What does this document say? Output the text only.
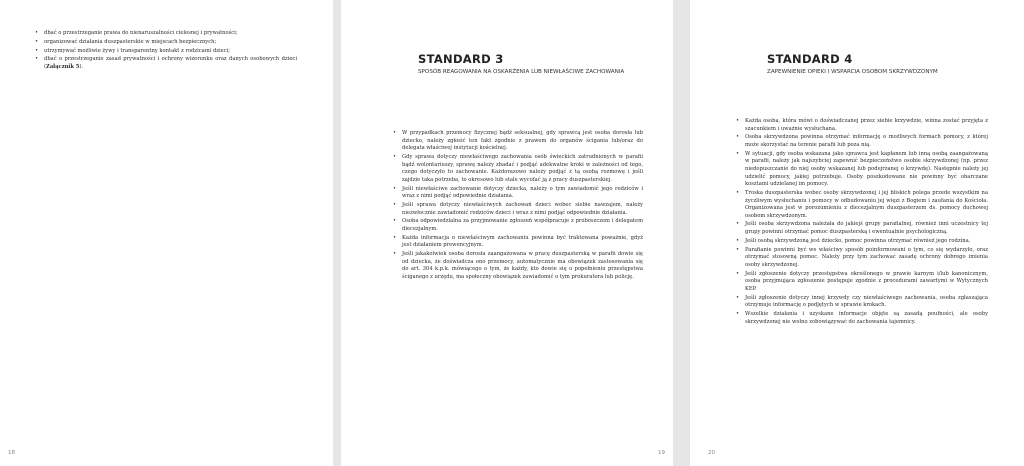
• dbać o przestrzeganie prawa do nienaruszalności cielesnej i prywatności;
• organizować działania duszpasterskie w miejscach bezpiecznych;
• utrzymywać możliwie żywy i transparentny kontakt z rodzicami dzieci;
• dbać o przestrzeganie zasad prywatności i ochrony wizerunku oraz danych osobowych dzieci (Załącznik 5).
18
STANDARD 3

SPOSÓB REAGOWANIA NA OSKARŻENIA LUB NIEWŁAŚCIWE ZACHOWANIA

19
• W przypadkach przemocy fizycznej bądź seksualnej, gdy sprawcą jest osoba dorosła lub dziecko, należy zgłosić ten fakt zgodnie z prawem do organów ścigania lub/oraz do delegata właściwej instytucji kościelnej.
• Gdy sprawa dotyczy niewłaściwego zachowania osób świeckich zatrudnionych w parafii bądź wolontariuszy, sprawę należy zbadać i podjąć adekwatne kroki w zależności od tego, czego dotyczyło to zachowanie. Każdorazowo należy podjąć z tą osobą rozmowę i jeśli zajdzie taka potrzeba, to okresowo lub stale wycofać ją z pracy duszpasterskiej.
• Jeśli niewłaściwe zachowanie dotyczy dziecka, należy o tym zawiadomić jego rodziców i wraz z nimi podjąć odpowiednie działania.
• Jeśli sprawa dotyczy niewłaściwych zachowań dzieci wobec siebie nawzajem, należy niezwłocznie zawiadomić rodziców dzieci i wraz z nimi podjąć odpowiednie działania.
• Osoba odpowiedzialna za przyjmowanie zgłoszeń współpracuje z proboszczem i delegatem diecezjalnym.
• Każda informacja o niewłaściwym zachowaniu powinna być traktowana poważnie, gdyż jest działaniem prewencyjnym.
• Jeśli jakakolwiek osoba dorosła zaangażowana w pracę duszpasterską w parafii dowie się od dziecka, że doświadcza ono przemocy, automatycznie ma obowiązek zastosowania się do art. 304 k.p.k. mówiącego o tym, że każdy, kto dowie się o popełnieniu przestępstwa ściganego z urzędu, ma społeczny obowiązek zawiadomić o tym prokuratora lub policję.
STANDARD 4

ZAPEWNIENIE OPIEKI I WSPARCIA OSOBOM SKRZYWDZONYM

20
• Każda osoba, która mówi o doświadczanej przez siebie krzywdzie, winna zostać przyjęta z szacunkiem i uważnie wysłuchana.
• Osoba skrzywdzona powinna otrzymać informację o możliwych formach pomocy, z której może skorzystać na terenie parafii lub poza nią.
• W sytuacji, gdy osoba wskazana jako sprawca jest kapłanem lub inną osobą zaangażowaną w parafii, należy jak najszybciej zapewnić bezpieczeństwo osobie skrzywdzonej (np. przez niedopuszczanie do niej osoby wskazanej lub podejrzanej o krzywdę). Następnie należy jej udzielić pomocy, jakiej potrzebuje. Osoby poszkodowane nie powinny być obarczane kosztami udzielanej im pomocy.
• Troska duszpasterska wobec osoby skrzywdzonej i jej bliskich polega przede wszystkim na życzliwym wysłuchaniu i pomocy w odbudowaniu jej więzi z Bogiem i zaufania do Kościoła. Organizowana jest w porozumieniu z diecezjalnym duszpasterzem ds. pomocy duchowej osobom skrzywdzonym.
• Jeśli osoba skrzywdzona należała do jakiejś grupy parafialnej, również inni uczestnicy tej grupy powinni otrzymać pomoc duszpasterską i ewentualnie psychologiczną.
• Jeśli osobą skrzywdzoną jest dziecko, pomoc powinna otrzymać również jego rodzina.
• Parafianie powinni być we właściwy sposób poinformowani o tym, co się wydarzyło, oraz otrzymać stosowną pomoc. Należy przy tym zachować zasadę ochrony dobrego imienia osoby skrzywdzonej.
• Jeśli zgłoszenie dotyczy przestępstwa określonego w prawie karnym i/lub kanonicznym, osoba przyjmująca zgłoszenie postępuje zgodnie z procedurami zawartymi w Wytycznych KEP.
• Jeśli zgłoszenie dotyczy innej krzywdy czy niewłaściwego zachowania, osoba zgłaszająca otrzymuje informację o podjętych w sprawie krokach.
• Wszelkie działania i uzyskane informacje objęte są zasadą poufności, ale osoby skrzywdzonej nie wolno zobowiązywać do zachowania tajemnicy.
